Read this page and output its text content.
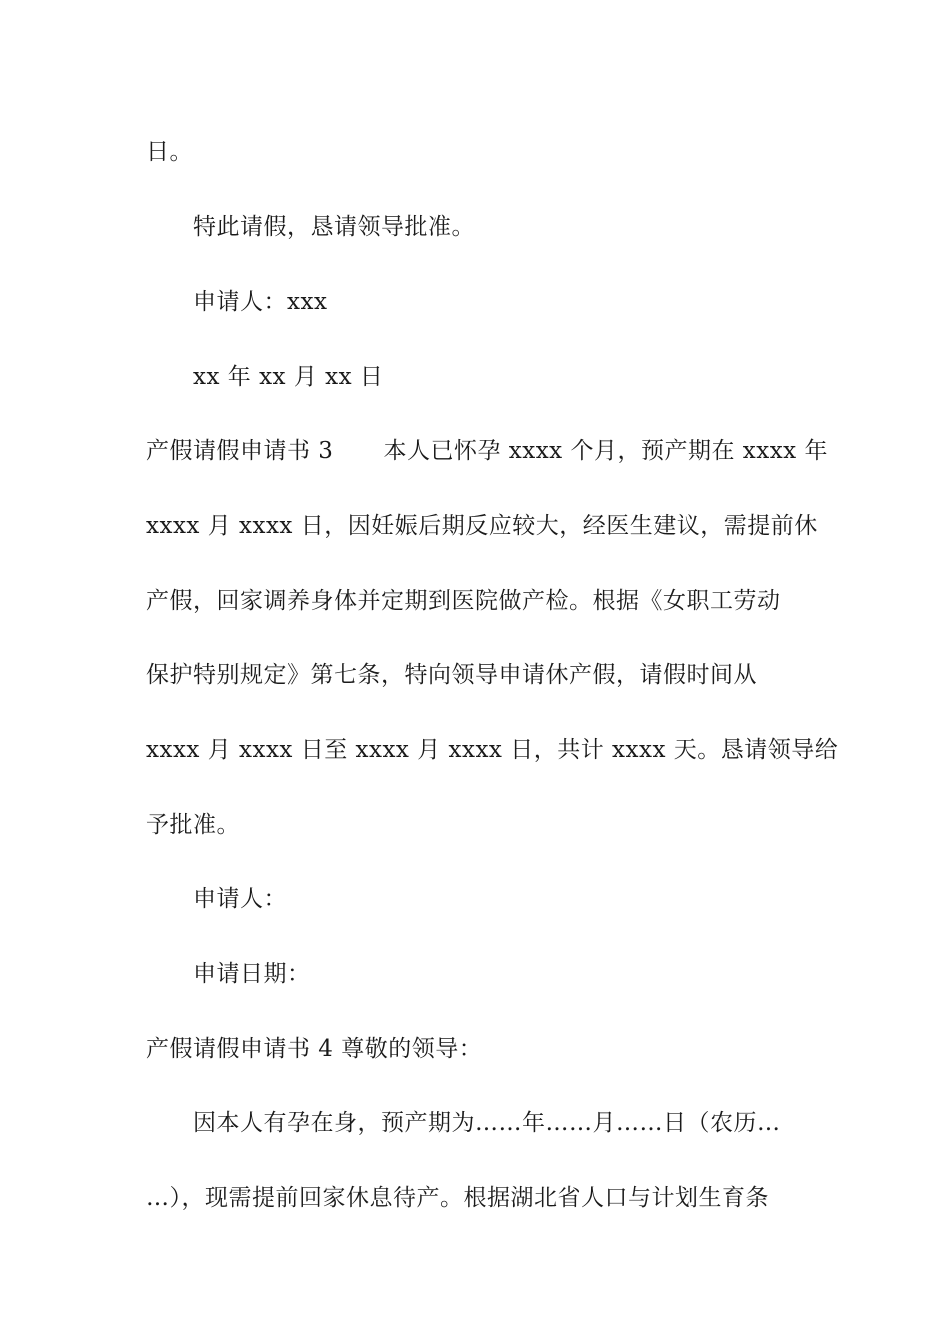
日。
特此请假，恳请领导批准。
申请人：xxx
xx 年 xx 月 xx 日
产假请假申请书 3 本人已怀孕 xxxx 个月，预产期在 xxxx 年
xxxx 月 xxxx 日，因妊娠后期反应较大，经医生建议，需提前休
产假，回家调养身体并定期到医院做产检。根据《女职工劳动
保护特别规定》第七条，特向领导申请休产假，请假时间从
xxxx 月 xxxx 日至 xxxx 月 xxxx 日，共计 xxxx 天。恳请领导给
予批准。
申请人：
申请日期：
产假请假申请书 4 尊敬的领导：
因本人有孕在身，预产期为……年……月……日（农历…
…），现需提前回家休息待产。根据湖北省人口与计划生育条
